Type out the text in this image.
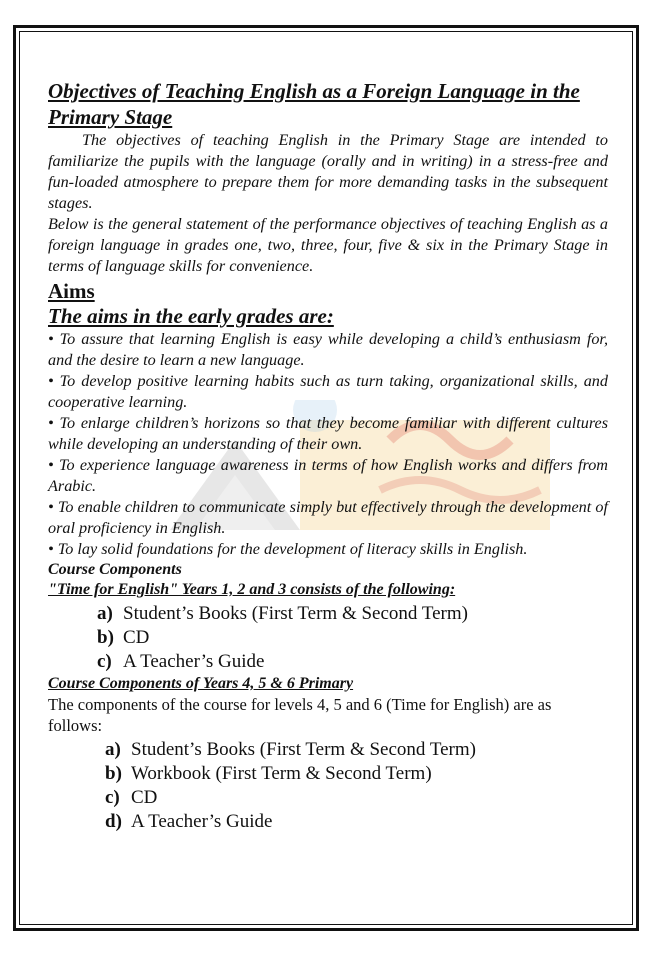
Objectives of Teaching English as a Foreign Language in the Primary Stage

The objectives of teaching English in the Primary Stage are intended to familiarize the pupils with the language (orally and in writing) in a stress-free and fun-loaded atmosphere to prepare them for more demanding tasks in the subsequent stages.

Below is the general statement of the performance objectives of teaching English as a foreign language in grades one, two, three, four, five & six in the Primary Stage in terms of language skills for convenience.

Aims

The aims in the early grades are:

• To assure that learning English is easy while developing a child’s enthusiasm for, and the desire to learn a new language.

• To develop positive learning habits such as turn taking, organizational skills, and cooperative learning.

• To enlarge children’s horizons so that they become familiar with different cultures while developing an understanding of their own.

• To experience language awareness in terms of how English works and differs from Arabic.

• To enable children to communicate simply but effectively through the development of oral proficiency in English.

• To lay solid foundations for the development of literacy skills in English.

Course Components

"Time for English" Years 1, 2 and 3 consists of the following:

a) Student’s Books (First Term & Second Term)
b) CD
c) A Teacher’s Guide

Course Components of Years 4, 5 & 6 Primary

The components of the course for levels 4, 5 and 6 (Time for English) are as follows:

a) Student’s Books (First Term & Second Term)
b) Workbook (First Term & Second Term)
c) CD
d) A Teacher’s Guide
